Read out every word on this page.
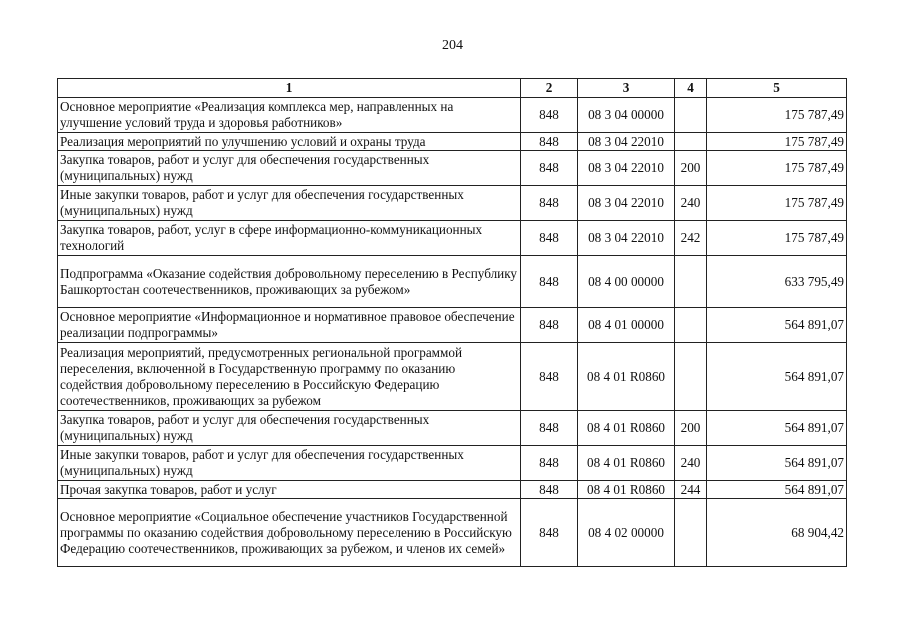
204
1	2	3	4	5
Основное мероприятие «Реализация комплекса мер, направленных на улучшение условий труда и здоровья работников»	848	08 3 04 00000		175 787,49
Реализация мероприятий по улучшению условий и охраны труда	848	08 3 04 22010		175 787,49
Закупка товаров, работ и услуг для обеспечения государственных (муниципальных) нужд	848	08 3 04 22010	200	175 787,49
Иные закупки товаров, работ и услуг для обеспечения государственных (муниципальных) нужд	848	08 3 04 22010	240	175 787,49
Закупка товаров, работ, услуг в сфере информационно-коммуникационных технологий	848	08 3 04 22010	242	175 787,49
Подпрограмма «Оказание содействия добровольному переселению в Республику Башкортостан соотечественников, проживающих за рубежом»	848	08 4 00 00000		633 795,49
Основное мероприятие «Информационное и нормативное правовое обеспечение реализации подпрограммы»	848	08 4 01 00000		564 891,07
Реализация мероприятий, предусмотренных региональной программой переселения, включенной в Государственную программу по оказанию содействия добровольному переселению в Российскую Федерацию соотечественников, проживающих за рубежом	848	08 4 01 R0860		564 891,07
Закупка товаров, работ и услуг для обеспечения государственных (муниципальных) нужд	848	08 4 01 R0860	200	564 891,07
Иные закупки товаров, работ и услуг для обеспечения государственных (муниципальных) нужд	848	08 4 01 R0860	240	564 891,07
Прочая закупка товаров, работ и услуг	848	08 4 01 R0860	244	564 891,07
Основное мероприятие «Социальное обеспечение участников Государственной программы по оказанию содействия добровольному переселению в Российскую Федерацию соотечественников, проживающих за рубежом, и членов их семей»	848	08 4 02 00000		68 904,42
